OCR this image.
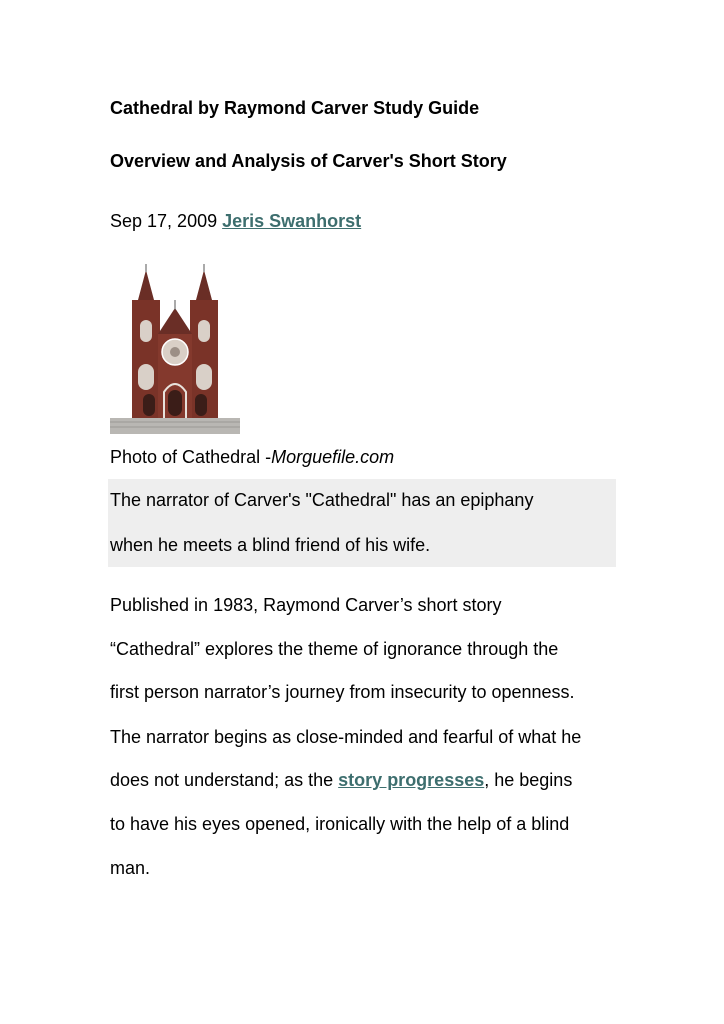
Cathedral by Raymond Carver Study Guide
Overview and Analysis of Carver's Short Story
Sep 17, 2009 Jeris Swanhorst
Photo of Cathedral -Morguefile.com
The narrator of Carver's "Cathedral" has an epiphany
when he meets a blind friend of his wife.
Published in 1983, Raymond Carver’s short story
“Cathedral” explores the theme of ignorance through the
first person narrator’s journey from insecurity to openness.
The narrator begins as close-minded and fearful of what he
does not understand; as the story progresses, he begins
to have his eyes opened, ironically with the help of a blind
man.
